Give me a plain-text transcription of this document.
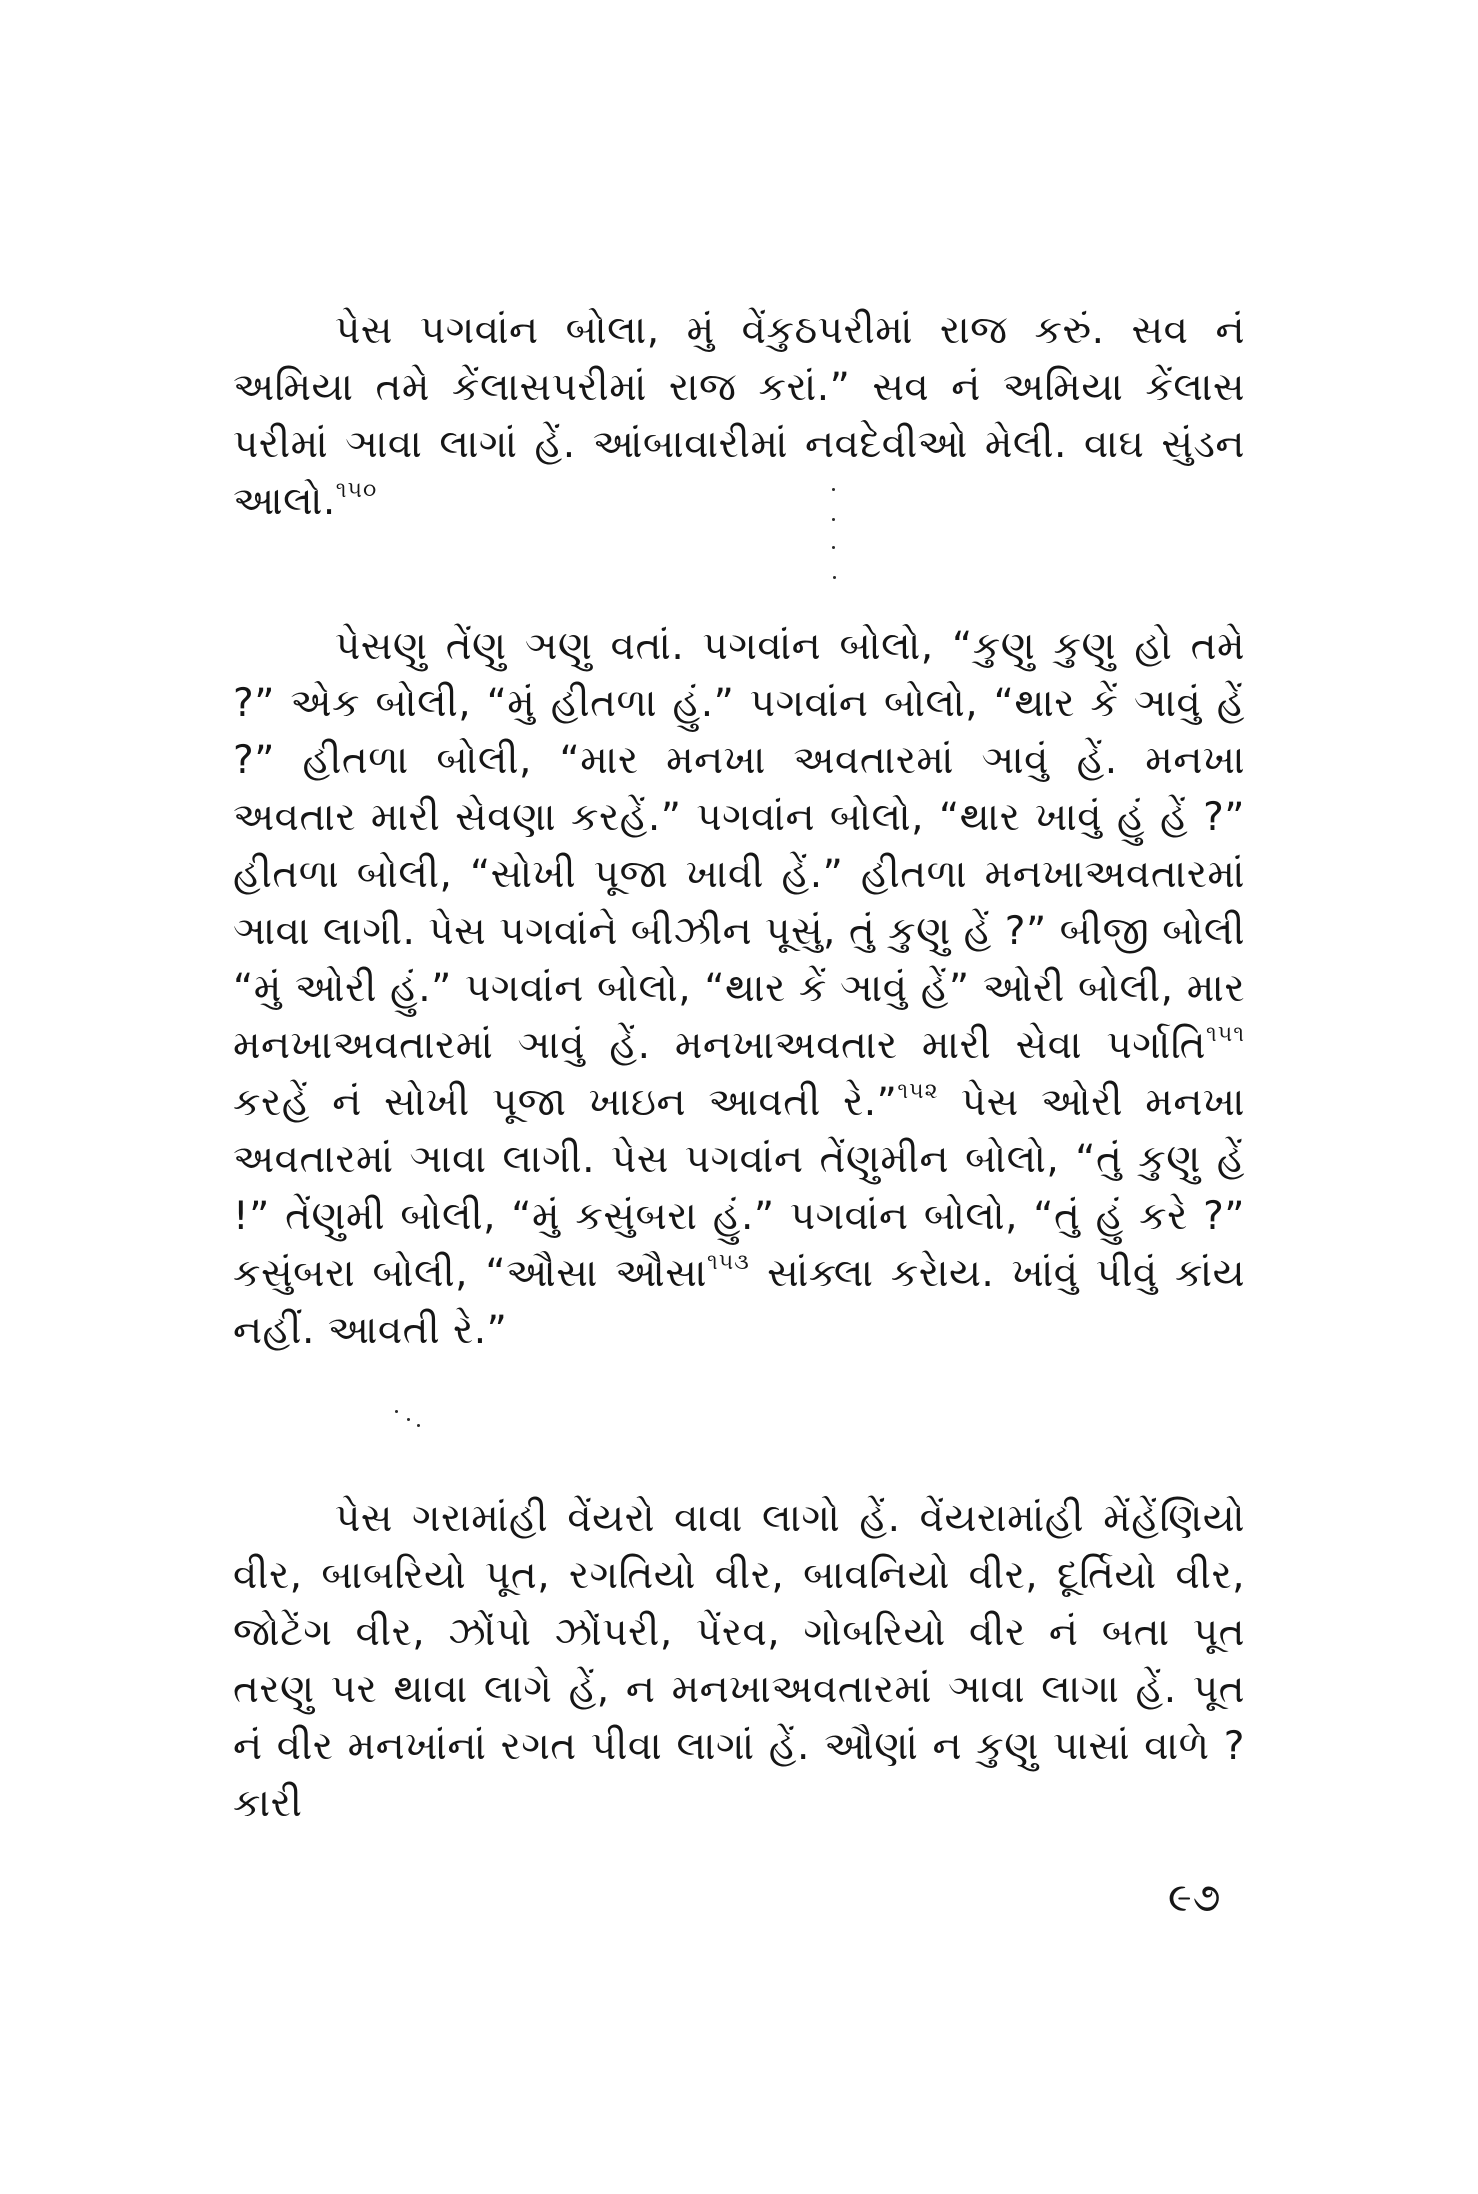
પેસ પગવાંન બોલા, મું વેંકુઠપરીમાં રાજ કરું. સવ નં અમિયા તમે કેંલાસપરીમાં રાજ કરાં.” સવ નં અમિયા કેંલાસ પરીમાં ઞાવા લાગાં હેં. આંબાવારીમાં નવદેવીઓ મેલી. વાઘ સુંડન આલો.$^{૧૫૦}$

પેસણુ તેંણુ ઞણુ વતાં. પગવાંન બોલો, “કુણુ કુણુ હો તમે ?” એક બોલી, “મું હીતળા હું.” પગવાંન બોલો, “થાર કેં ઞાવું હેં ?” હીતળા બોલી, “માર મનખા અવતારમાં ઞાવું હેં. મનખા અવતાર મારી સેવણા કરહેં.” પગવાંન બોલો, “થાર ખાવું હું હેં ?” હીતળા બોલી, “સોખી પૂજા ખાવી હેં.” હીતળા મનખાઅવતારમાં ઞાવા લાગી. પેસ પગવાંને બીઝીન પૂસું, તું કુણુ હેં ?” બીજી બોલી “મું ઓરી હું.” પગવાંન બોલો, “થાર કેં ઞાવું હેં” ઓરી બોલી, માર મનખાઅવતારમાં ઞાવું હેં. મનખાઅવતાર મારી સેવા પર્ગાતિ$^{૧૫૧}$ કરહેં નં સોખી પૂજા ખાઇન આવતી રે.”$^{૧૫૨}$ પેસ ઓરી મનખા અવતારમાં ઞાવા લાગી. પેસ પગવાંન તેંણુમીન બોલો, “તું કુણુ હેં !” તેંણુમી બોલી, “મું કસુંબરા હું.” પગવાંન બોલો, “તું હું કરે ?” કસુંબરા બોલી, “ઔસા ઔસા$^{૧૫૩}$ સાંક્લા કરેાય. ખાંવું પીવું કાંય નહીં. આવતી રે.”

પેસ ગરામાંહી વેંયરો વાવા લાગો હેં. વેંયરામાંહી મેંહેંણિયો વીર, બાબરિયો પૂત, રગતિયો વીર, બાવનિયો વીર, દૂર્તિયો વીર, જોટેંગ વીર, ઝોંપો ઝોંપરી, પેંરવ, ગોબરિયો વીર નં બતા પૂત તરણુ પર થાવા લાગે હેં, ન મનખાઅવતારમાં ઞાવા લાગા હેં. પૂત નં વીર મનખાંનાં રગત પીવા લાગાં હેં. ઔણાં ન કુણુ પાસાં વાળે ? કારી

૯૭
